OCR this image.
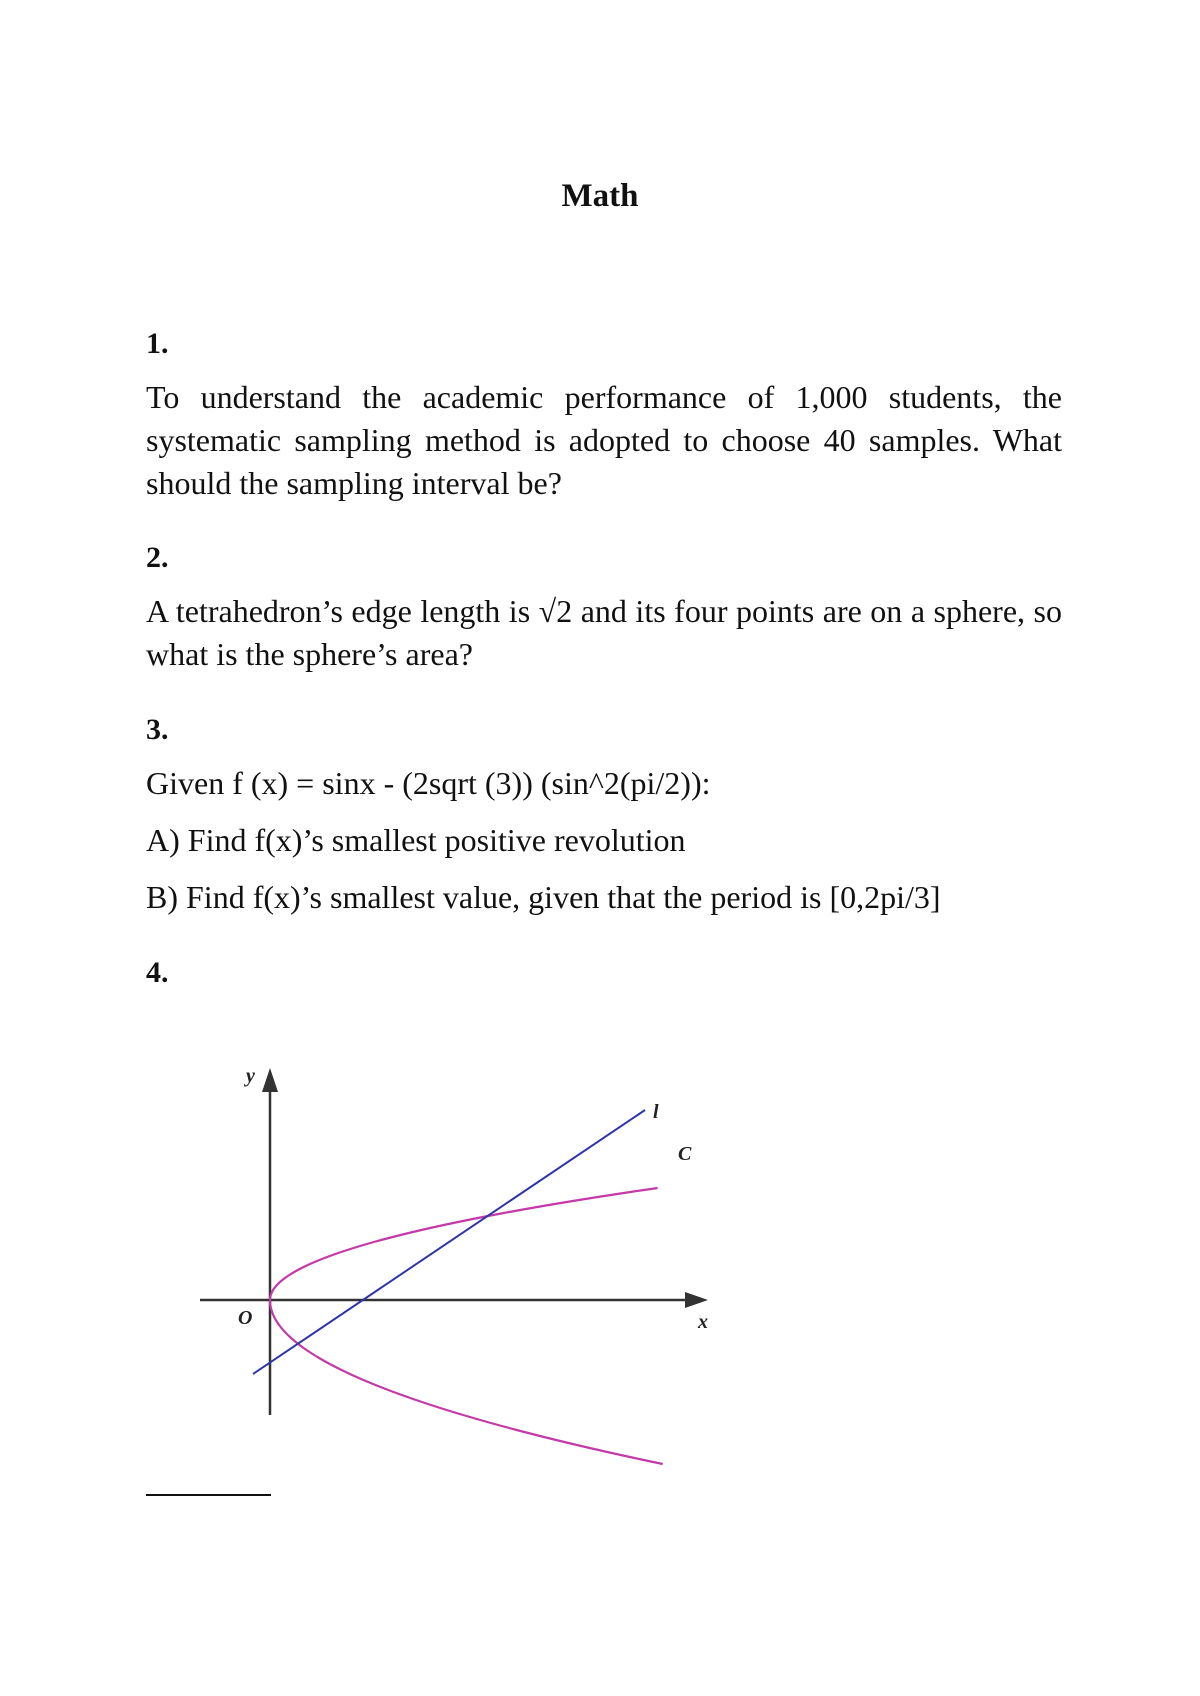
Math
1.
To understand the academic performance of 1,000 students, the systematic sampling method is adopted to choose 40 samples. What should the sampling interval be?
2.
A tetrahedron’s edge length is √2 and its four points are on a sphere, so what is the sphere’s area?
3.
Given f (x) = sinx - (2sqrt (3)) (sin^2(pi/2)):
A) Find f(x)’s smallest positive revolution
B) Find f(x)’s smallest value, given that the period is [0,2pi/3]
4.
y
x
O
l
C
